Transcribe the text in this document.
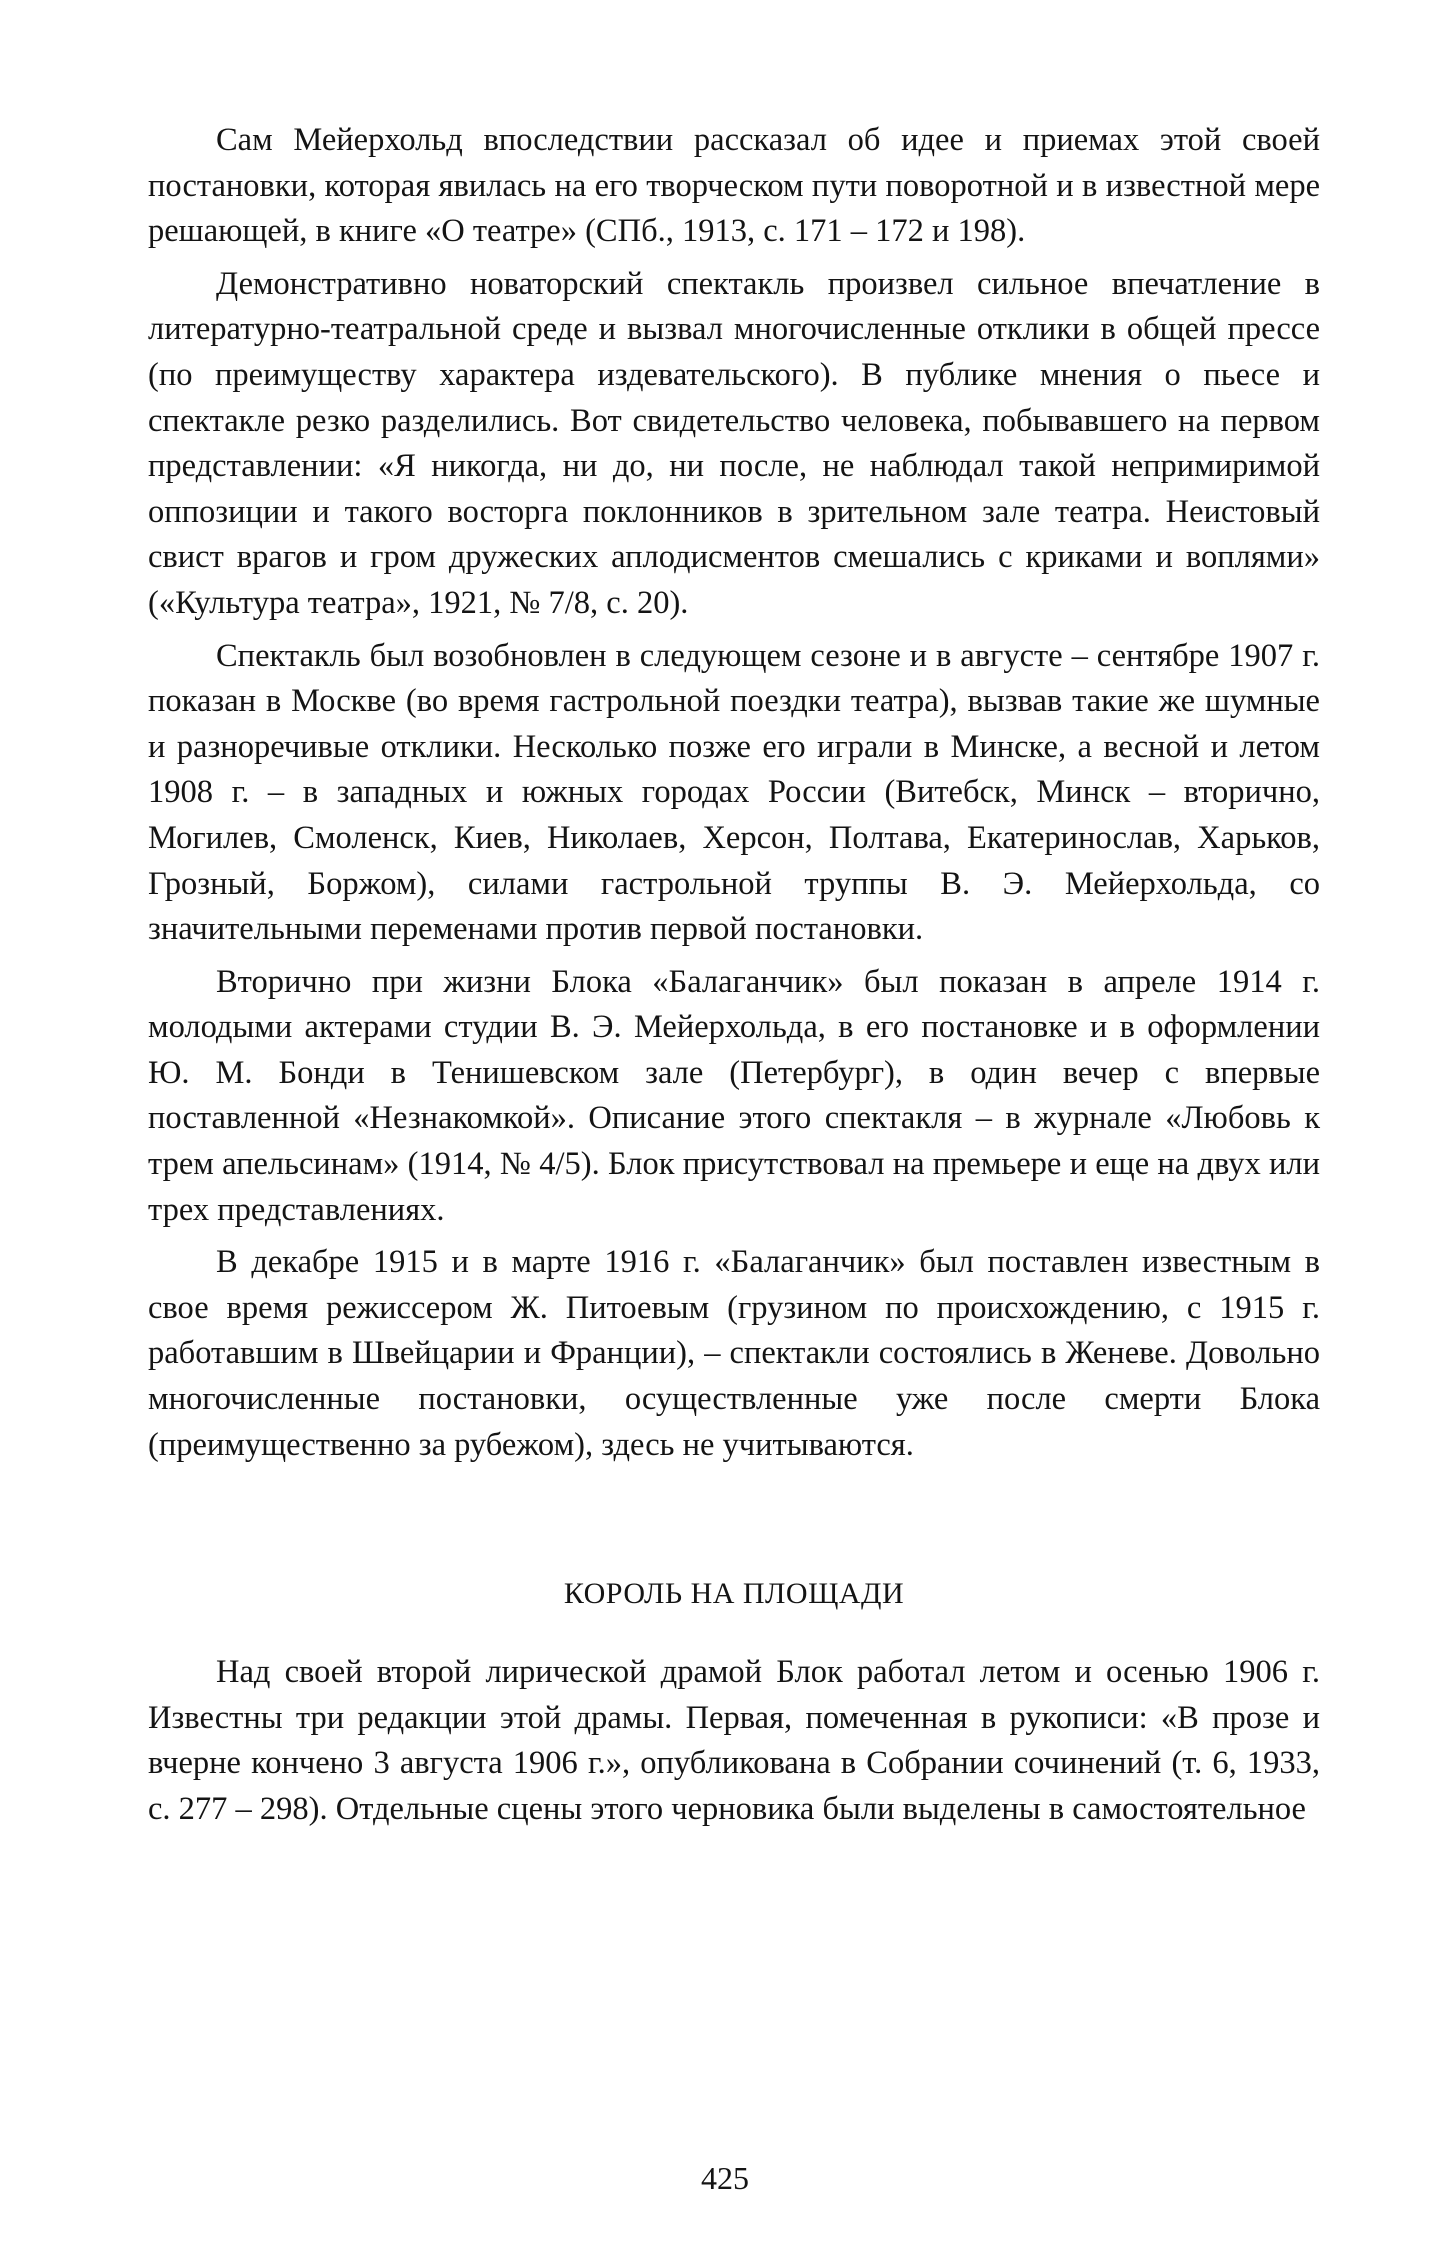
Сам Мейерхольд впоследствии рассказал об идее и приемах этой своей постановки, которая явилась на его творческом пути поворотной и в известной мере решающей, в книге «О театре» (СПб., 1913, с. 171 – 172 и 198).

Демонстративно новаторский спектакль произвел сильное впечатление в литературно-театральной среде и вызвал многочисленные отклики в общей прессе (по преимуществу характера издевательского). В публике мнения о пьесе и спектакле резко разделились. Вот свидетельство человека, побывавшего на первом представлении: «Я никогда, ни до, ни после, не наблюдал такой непримиримой оппозиции и такого восторга поклонников в зрительном зале театра. Неистовый свист врагов и гром дружеских аплодисментов смешались с криками и воплями» («Культура театра», 1921, № 7/8, с. 20).

Спектакль был возобновлен в следующем сезоне и в августе – сентябре 1907 г. показан в Москве (во время гастрольной поездки театра), вызвав такие же шумные и разноречивые отклики. Несколько позже его играли в Минске, а весной и летом 1908 г. – в западных и южных городах России (Витебск, Минск – вторично, Могилев, Смоленск, Киев, Николаев, Херсон, Полтава, Екатеринослав, Харьков, Грозный, Боржом), силами гастрольной труппы В. Э. Мейерхольда, со значительными переменами против первой постановки.

Вторично при жизни Блока «Балаганчик» был показан в апреле 1914 г. молодыми актерами студии В. Э. Мейерхольда, в его постановке и в оформлении Ю. М. Бонди в Тенишевском зале (Петербург), в один вечер с впервые поставленной «Незнакомкой». Описание этого спектакля – в журнале «Любовь к трем апельсинам» (1914, № 4/5). Блок присутствовал на премьере и еще на двух или трех представлениях.

В декабре 1915 и в марте 1916 г. «Балаганчик» был поставлен известным в свое время режиссером Ж. Питоевым (грузином по происхождению, с 1915 г. работавшим в Швейцарии и Франции), – спектакли состоялись в Женеве. Довольно многочисленные постановки, осуществленные уже после смерти Блока (преимущественно за рубежом), здесь не учитываются.

КОРОЛЬ НА ПЛОЩАДИ

Над своей второй лирической драмой Блок работал летом и осенью 1906 г. Известны три редакции этой драмы. Первая, помеченная в рукописи: «В прозе и вчерне кончено 3 августа 1906 г.», опубликована в Собрании сочинений (т. 6, 1933, с. 277 – 298). Отдельные сцены этого черновика были выделены в самостоятельное

425
